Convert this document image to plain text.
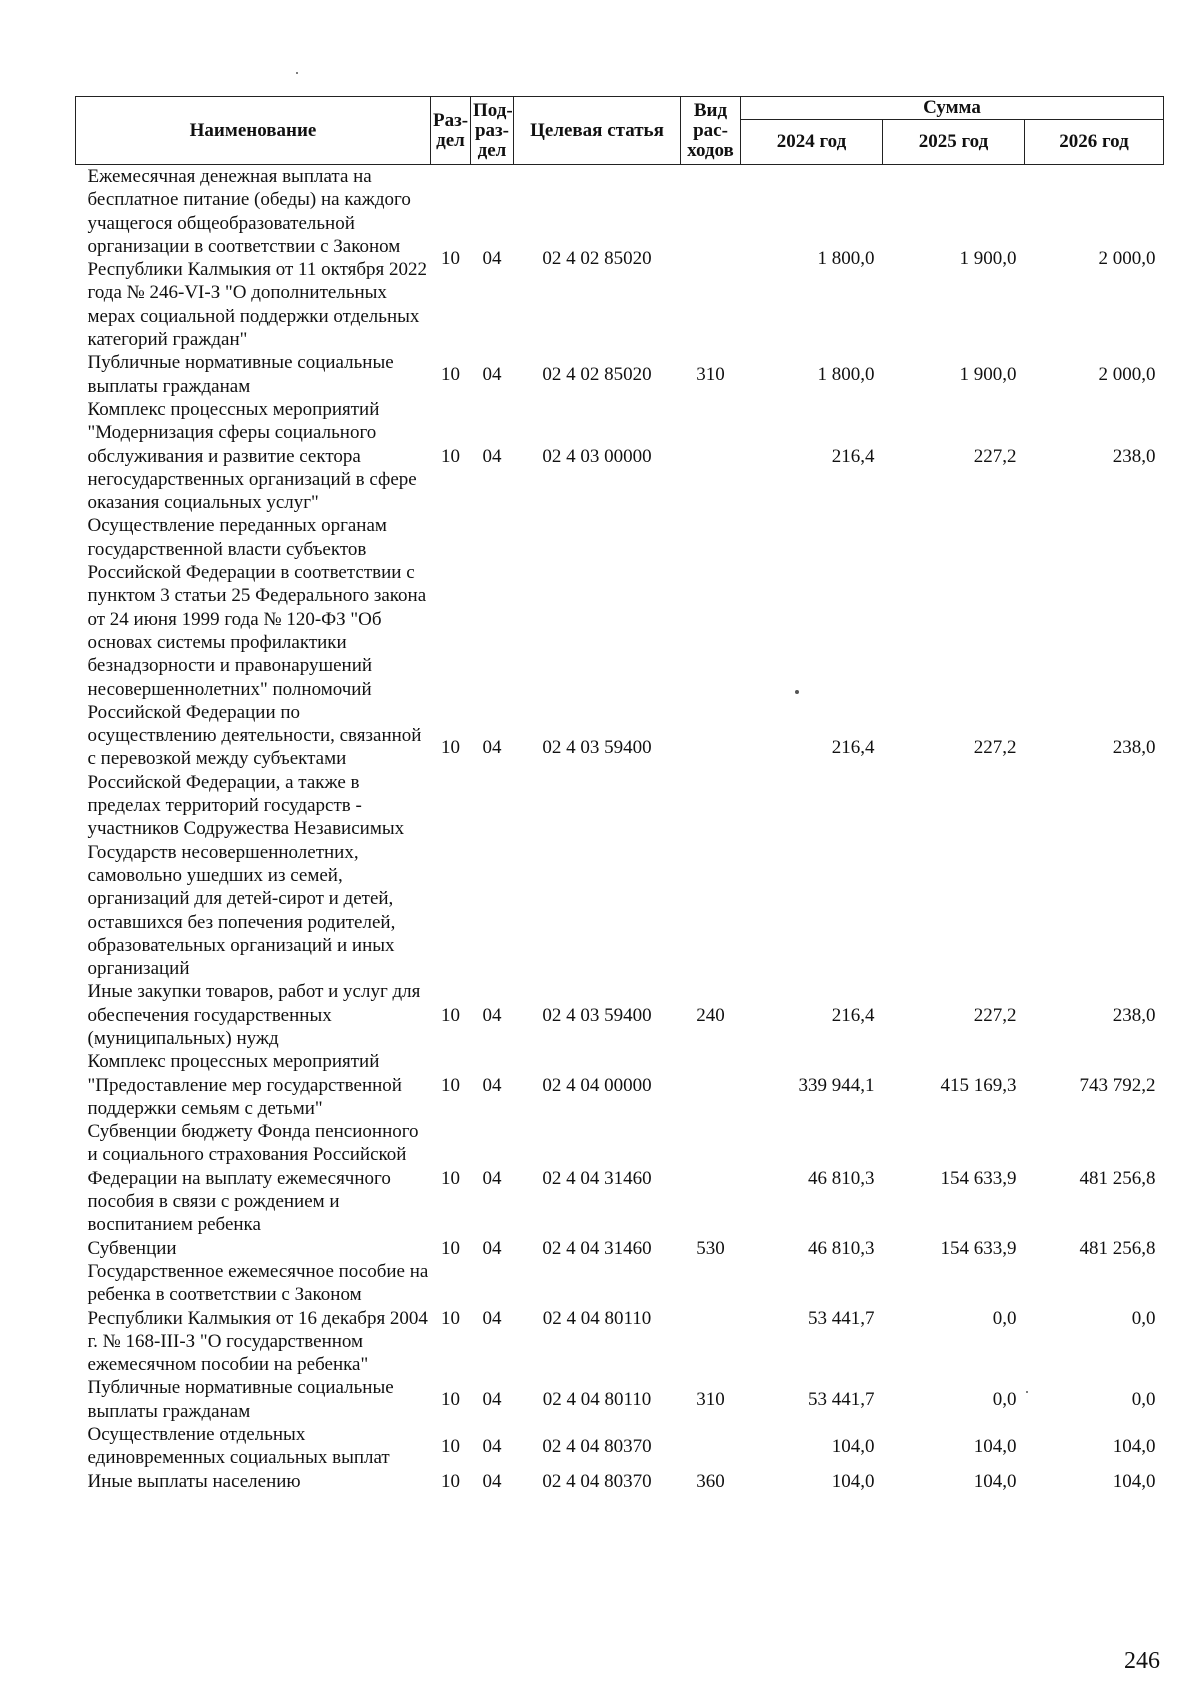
Наименование	Раз-дел	Под-раз-дел	Целевая статья	Вид рас-ходов	Сумма		
					2024 год	2025 год	2026 год
Ежемесячная денежная выплата на бесплатное питание (обеды) на каждого учащегося общеобразовательной организации в соответствии с Законом Республики Калмыкия от 11 октября 2022 года № 246-VI-З "О дополнительных мерах социальной поддержки отдельных категорий граждан"	10	04	02 4 02 85020		1 800,0	1 900,0	2 000,0
Публичные нормативные социальные выплаты гражданам	10	04	02 4 02 85020	310	1 800,0	1 900,0	2 000,0
Комплекс процессных мероприятий "Модернизация сферы социального обслуживания и развитие сектора негосударственных организаций в сфере оказания социальных услуг"	10	04	02 4 03 00000		216,4	227,2	238,0
Осуществление переданных органам государственной власти субъектов Российской Федерации в соответствии с пунктом 3 статьи 25 Федерального закона от 24 июня 1999 года № 120-ФЗ "Об основах системы профилактики безнадзорности и правонарушений несовершеннолетних" полномочий Российской Федерации по осуществлению деятельности, связанной с перевозкой между субъектами Российской Федерации, а также в пределах территорий государств - участников Содружества Независимых Государств несовершеннолетних, самовольно ушедших из семей, организаций для детей-сирот и детей, оставшихся без попечения родителей, образовательных организаций и иных организаций	10	04	02 4 03 59400		216,4	227,2	238,0
Иные закупки товаров, работ и услуг для обеспечения государственных (муниципальных) нужд	10	04	02 4 03 59400	240	216,4	227,2	238,0
Комплекс процессных мероприятий "Предоставление мер государственной поддержки семьям с детьми"	10	04	02 4 04 00000		339 944,1	415 169,3	743 792,2
Субвенции бюджету Фонда пенсионного и социального страхования Российской Федерации на выплату ежемесячного пособия в связи с рождением и воспитанием ребенка	10	04	02 4 04 31460		46 810,3	154 633,9	481 256,8
Субвенции	10	04	02 4 04 31460	530	46 810,3	154 633,9	481 256,8
Государственное ежемесячное пособие на ребенка в соответствии с Законом Республики Калмыкия от 16 декабря 2004 г. № 168-III-З "О государственном ежемесячном пособии на ребенка"	10	04	02 4 04 80110		53 441,7	0,0	0,0
Публичные нормативные социальные выплаты гражданам	10	04	02 4 04 80110	310	53 441,7	0,0	0,0
Осуществление отдельных единовременных социальных выплат	10	04	02 4 04 80370		104,0	104,0	104,0
Иные выплаты населению	10	04	02 4 04 80370	360	104,0	104,0	104,0
246
